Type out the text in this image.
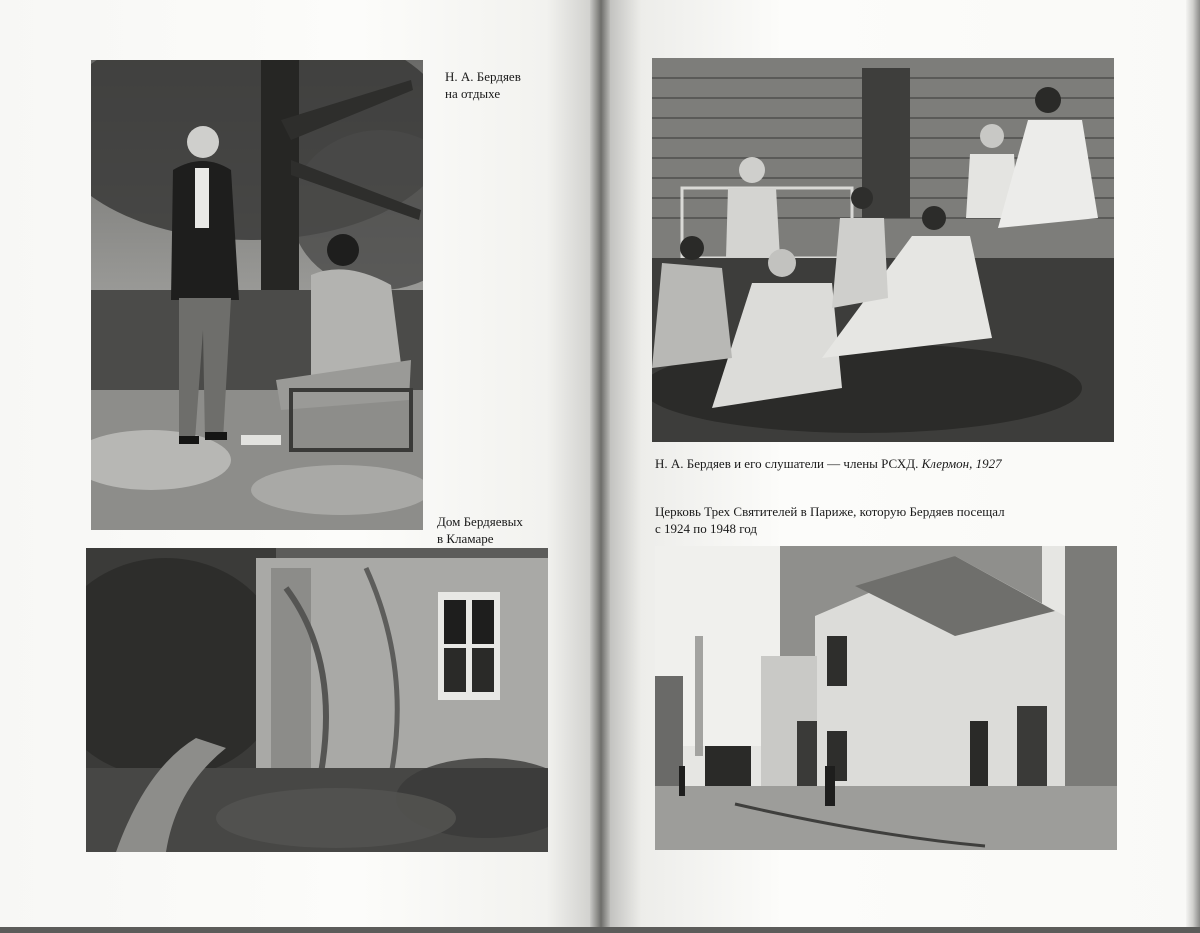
Н. А. Бердяев
на отдыхе
Дом Бердяевых
в Кламаре
Н. А. Бердяев и его слушатели — члены РСХД. Клермон, 1927
Церковь Трех Святителей в Париже, которую Бердяев посещал
с 1924 по 1948 год
